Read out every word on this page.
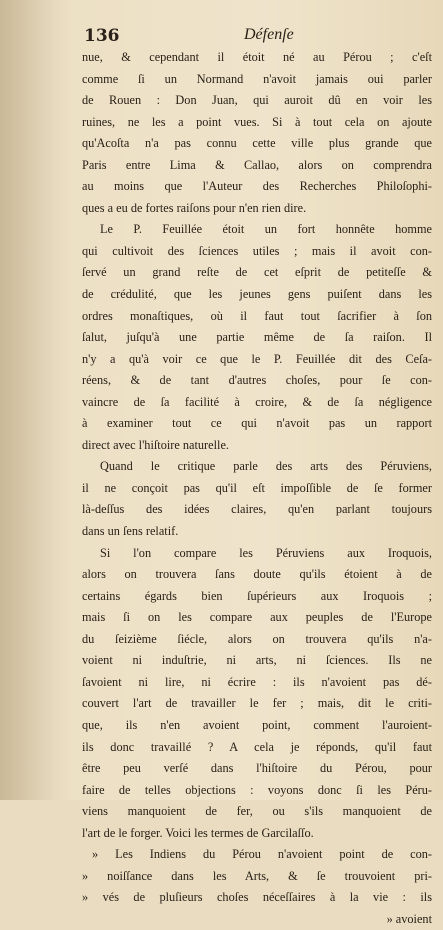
136	Défenſe
nue, & cependant il étoit né au Pérou ; c'eſt
comme ſi un Normand n'avoit jamais oui parler
de Rouen : Don Juan, qui auroit dû en voir les
ruines, ne les a point vues. Si à tout cela on ajoute
qu'Acoſta n'a pas connu cette ville plus grande que
Paris entre Lima & Callao, alors on comprendra
au moins que l'Auteur des Recherches Philoſophi-
ques a eu de fortes raiſons pour n'en rien dire.
Le P. Feuillée étoit un fort honnête homme
qui cultivoit des ſciences utiles ; mais il avoit con-
ſervé un grand reſte de cet eſprit de petiteſſe &
de crédulité, que les jeunes gens puiſent dans les
ordres monaſtiques, où il faut tout ſacrifier à ſon
ſalut, juſqu'à une partie même de ſa raiſon. Il
n'y a qu'à voir ce que le P. Feuillée dit des Ceſa-
réens, & de tant d'autres choſes, pour ſe con-
vaincre de ſa facilité à croire, & de ſa négligence
à examiner tout ce qui n'avoit pas un rapport
direct avec l'hiſtoire naturelle.
Quand le critique parle des arts des Péruviens,
il ne conçoit pas qu'il eſt impoſſible de ſe former
là-deſſus des idées claires, qu'en parlant toujours
dans un ſens relatif.
Si l'on compare les Péruviens aux Iroquois,
alors on trouvera ſans doute qu'ils étoient à de
certains égards bien ſupérieurs aux Iroquois ;
mais ſi on les compare aux peuples de l'Europe
du ſeizième ſiécle, alors on trouvera qu'ils n'a-
voient ni induſtrie, ni arts, ni ſciences. Ils ne
ſavoient ni lire, ni écrire : ils n'avoient pas dé-
couvert l'art de travailler le fer ; mais, dit le criti-
que, ils n'en avoient point, comment l'auroient-
ils donc travaillé ? A cela je réponds, qu'il faut
être peu verſé dans l'hiſtoire du Pérou, pour
faire de telles objections : voyons donc ſi les Péru-
viens manquoient de fer, ou s'ils manquoient de
l'art de le forger. Voici les termes de Garcilaſſo.
» Les Indiens du Pérou n'avoient point de con-
» noiſſance dans les Arts, & ſe trouvoient pri-
» vés de pluſieurs choſes néceſſaires à la vie : ils
» avoient
